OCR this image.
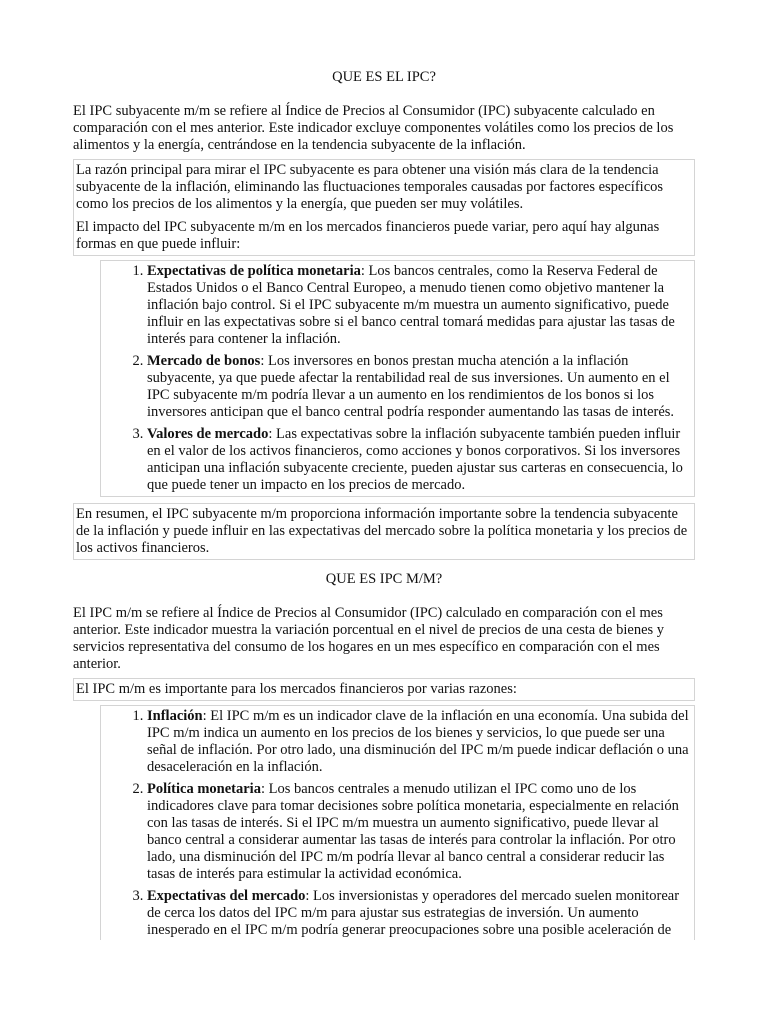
QUE ES EL IPC?

El IPC subyacente m/m se refiere al Índice de Precios al Consumidor (IPC) subyacente calculado en comparación con el mes anterior. Este indicador excluye componentes volátiles como los precios de los alimentos y la energía, centrándose en la tendencia subyacente de la inflación.

La razón principal para mirar el IPC subyacente es para obtener una visión más clara de la tendencia subyacente de la inflación, eliminando las fluctuaciones temporales causadas por factores específicos como los precios de los alimentos y la energía, que pueden ser muy volátiles.

El impacto del IPC subyacente m/m en los mercados financieros puede variar, pero aquí hay algunas formas en que puede influir:

1. Expectativas de política monetaria: Los bancos centrales, como la Reserva Federal de Estados Unidos o el Banco Central Europeo, a menudo tienen como objetivo mantener la inflación bajo control. Si el IPC subyacente m/m muestra un aumento significativo, puede influir en las expectativas sobre si el banco central tomará medidas para ajustar las tasas de interés para contener la inflación.
2. Mercado de bonos: Los inversores en bonos prestan mucha atención a la inflación subyacente, ya que puede afectar la rentabilidad real de sus inversiones. Un aumento en el IPC subyacente m/m podría llevar a un aumento en los rendimientos de los bonos si los inversores anticipan que el banco central podría responder aumentando las tasas de interés.
3. Valores de mercado: Las expectativas sobre la inflación subyacente también pueden influir en el valor de los activos financieros, como acciones y bonos corporativos. Si los inversores anticipan una inflación subyacente creciente, pueden ajustar sus carteras en consecuencia, lo que puede tener un impacto en los precios de mercado.

En resumen, el IPC subyacente m/m proporciona información importante sobre la tendencia subyacente de la inflación y puede influir en las expectativas del mercado sobre la política monetaria y los precios de los activos financieros.

QUE ES IPC M/M?

El IPC m/m se refiere al Índice de Precios al Consumidor (IPC) calculado en comparación con el mes anterior. Este indicador muestra la variación porcentual en el nivel de precios de una cesta de bienes y servicios representativa del consumo de los hogares en un mes específico en comparación con el mes anterior.

El IPC m/m es importante para los mercados financieros por varias razones:

1. Inflación: El IPC m/m es un indicador clave de la inflación en una economía. Una subida del IPC m/m indica un aumento en los precios de los bienes y servicios, lo que puede ser una señal de inflación. Por otro lado, una disminución del IPC m/m puede indicar deflación o una desaceleración en la inflación.
2. Política monetaria: Los bancos centrales a menudo utilizan el IPC como uno de los indicadores clave para tomar decisiones sobre política monetaria, especialmente en relación con las tasas de interés. Si el IPC m/m muestra un aumento significativo, puede llevar al banco central a considerar aumentar las tasas de interés para controlar la inflación. Por otro lado, una disminución del IPC m/m podría llevar al banco central a considerar reducir las tasas de interés para estimular la actividad económica.
3. Expectativas del mercado: Los inversionistas y operadores del mercado suelen monitorear de cerca los datos del IPC m/m para ajustar sus estrategias de inversión. Un aumento inesperado en el IPC m/m podría generar preocupaciones sobre una posible aceleración de
